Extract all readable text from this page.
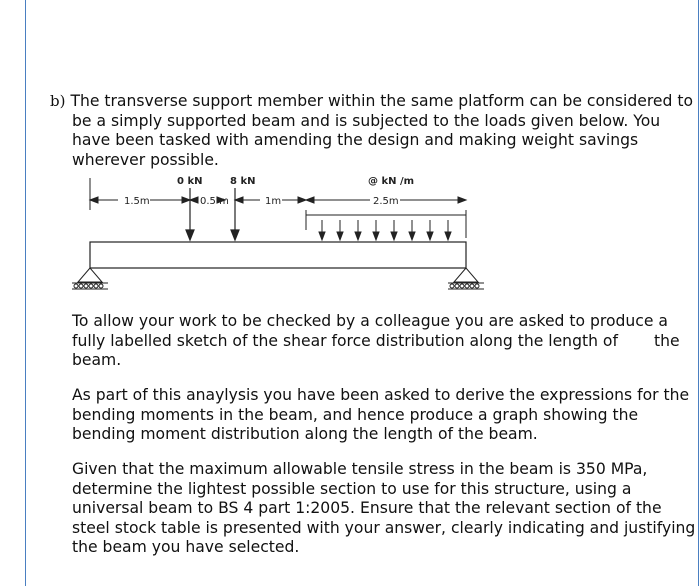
b) The transverse support member within the same platform can be considered to
be a simply supported beam and is subjected to the loads given below. You
have been tasked with amending the design and making weight savings
wherever possible.
0 kN	8 kN	@ kN /m
1.5m	0.5 m	1m	2.5m
To allow your work to be checked by a colleague you are asked to produce a
fully labelled sketch of the shear force distribution along the length of the
beam.
As part of this anaylysis you have been asked to derive the expressions for the
bending moments in the beam, and hence produce a graph showing the
bending moment distribution along the length of the beam.
Given that the maximum allowable tensile stress in the beam is 350 MPa,
determine the lightest possible section to use for this structure, using a
universal beam to BS 4 part 1:2005. Ensure that the relevant section of the
steel stock table is presented with your answer, clearly indicating and justifying
the beam you have selected.
